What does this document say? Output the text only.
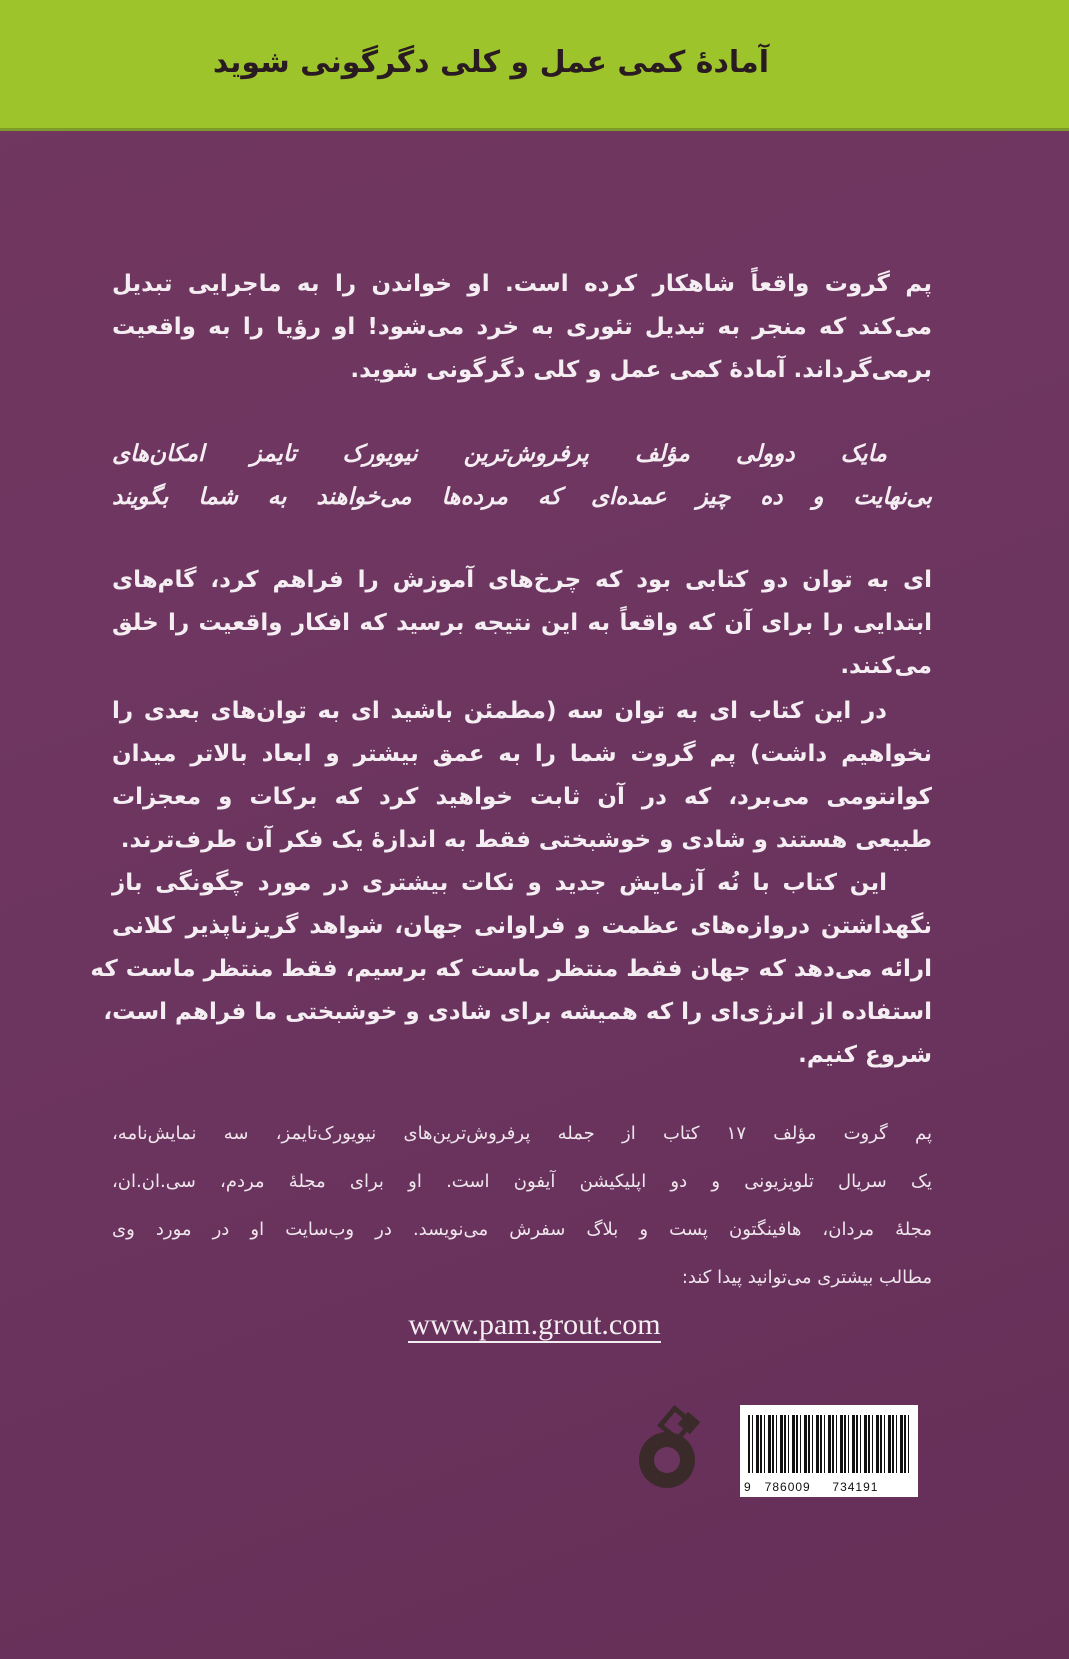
آمادهٔ کمی عمل و کلی دگرگونی شوید
پم گروت واقعاً شاهکار کرده است. او خواندن را به ماجرایی تبدیل
می‌کند که منجر به تبدیل تئوری به خرد می‌شود! او رؤیا را به واقعیت
برمی‌گرداند. آمادهٔ کمی عمل و کلی دگرگونی شوید.
مایک دوولی مؤلف پرفروش‌ترین نیویورک تایمز امکان‌های
بی‌نهایت و ده چیز عمده‌ای که مرده‌ها می‌خواهند به شما بگویند
ای به توان دو کتابی بود که چرخ‌های آموزش را فراهم کرد، گام‌های
ابتدایی را برای آن که واقعاً به این نتیجه برسید که افکار واقعیت را خلق
می‌کنند.
در این کتاب ای به توان سه (مطمئن باشید ای به توان‌های بعدی را
نخواهیم داشت) پم گروت شما را به عمق بیشتر و ابعاد بالاتر میدان
کوانتومی می‌برد، که در آن ثابت خواهید کرد که برکات و معجزات
طبیعی هستند و شادی و خوشبختی فقط به اندازهٔ یک فکر آن طرف‌ترند.
این کتاب با نُه آزمایش جدید و نکات بیشتری در مورد چگونگی باز
نگهداشتن دروازه‌های عظمت و فراوانی جهان، شواهد گریزناپذیر کلانی
ارائه می‌دهد که جهان فقط منتظر ماست که برسیم، فقط منتظر ماست که
استفاده از انرژی‌ای را که همیشه برای شادی و خوشبختی ما فراهم است،
شروع کنیم.
پم گروت مؤلف ۱۷ کتاب از جمله پرفروش‌ترین‌های نیویورک‌تایمز، سه نمایش‌نامه،
یک سریال تلویزیونی و دو اپلیکیشن آیفون است. او برای مجلهٔ مردم، سی.ان.ان،
مجلهٔ مردان، هافینگتون پست و بلاگ سفرش می‌نویسد. در وب‌سایت او در مورد وی
مطالب بیشتری می‌توانید پیدا کند:
www.pam.grout.com
9   786009     734191
